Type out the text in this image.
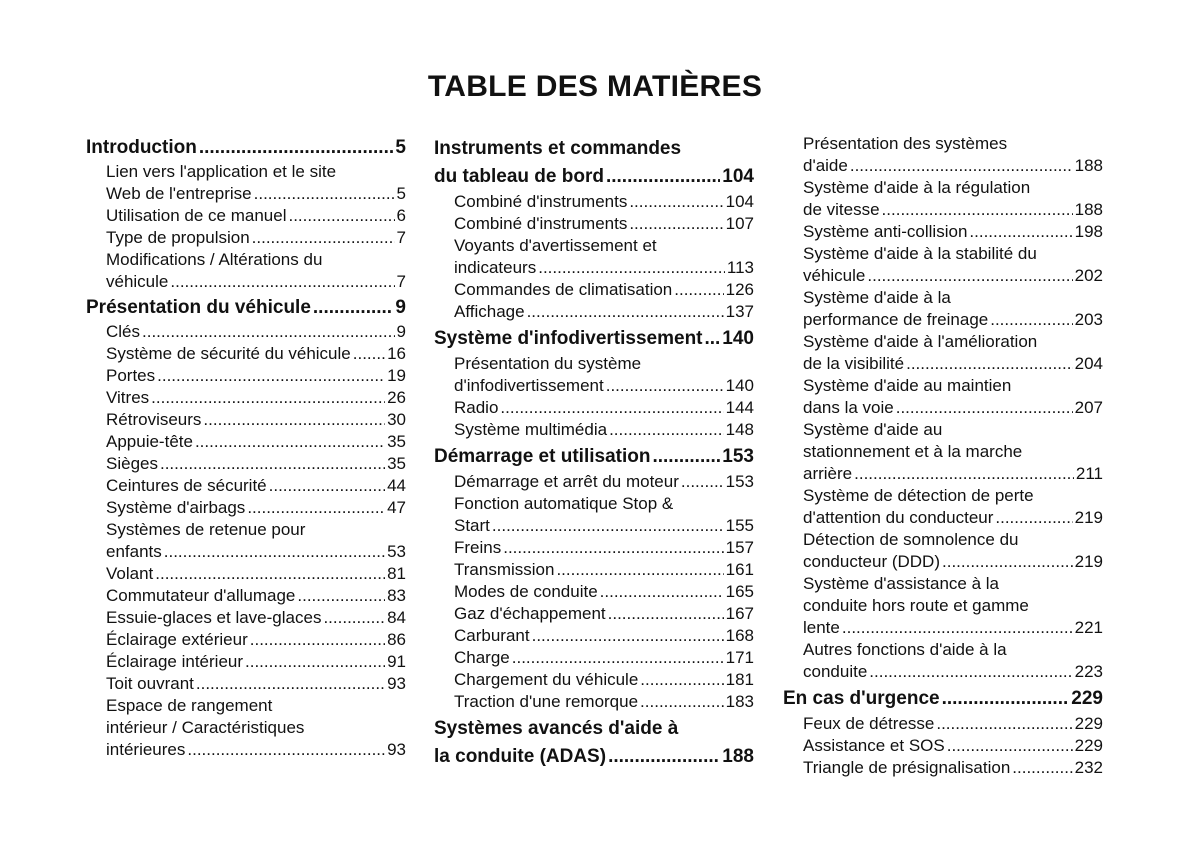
TABLE DES MATIÈRES
Introduction .....	5
Lien vers l'application et le site
Web de l'entreprise .....	5
Utilisation de ce manuel .....	6
Type de propulsion .....	7
Modifications / Altérations du
véhicule .....	7
Présentation du véhicule .....	9
Clés .....	9
Système de sécurité du véhicule ..... 16
Portes .....	19
Vitres .....	26
Rétroviseurs .....	30
Appuie-tête .....	35
Sièges .....	35
Ceintures de sécurité .....	44
Système d'airbags .....	47
Systèmes de retenue pour
enfants .....	53
Volant .....	81
Commutateur d'allumage .....	83
Essuie-glaces et lave-glaces .....	84
Éclairage extérieur .....	86
Éclairage intérieur .....	91
Toit ouvrant .....	93
Espace de rangement
intérieur / Caractéristiques
intérieures .....	93
Instruments et commandes
du tableau de bord .....	104
Combiné d'instruments .....	104
Combiné d'instruments .....	107
Voyants d'avertissement et
indicateurs .....	113
Commandes de climatisation .....	126
Affichage .....	137
Système d'infodivertissement ..... 140
Présentation du système
d'infodivertissement .....	140
Radio .....	144
Système multimédia .....	148
Démarrage et utilisation .....	153
Démarrage et arrêt du moteur .....	153
Fonction automatique Stop &
Start .....	155
Freins .....	157
Transmission .....	161
Modes de conduite .....	165
Gaz d'échappement .....	167
Carburant .....	168
Charge .....	171
Chargement du véhicule .....	181
Traction d'une remorque .....	183
Systèmes avancés d'aide à
la conduite (ADAS) .....	188
Présentation des systèmes
d'aide .....	188
Système d'aide à la régulation
de vitesse .....	188
Système anti-collision .....	198
Système d'aide à la stabilité du
véhicule .....	202
Système d'aide à la
performance de freinage .....	203
Système d'aide à l'amélioration
de la visibilité .....	204
Système d'aide au maintien
dans la voie .....	207
Système d'aide au
stationnement et à la marche
arrière .....	211
Système de détection de perte
d'attention du conducteur .....	219
Détection de somnolence du
conducteur (DDD) .....	219
Système d'assistance à la
conduite hors route et gamme
lente .....	221
Autres fonctions d'aide à la
conduite .....	223
En cas d'urgence .....	229
Feux de détresse .....	229
Assistance et SOS .....	229
Triangle de présignalisation .....	232
